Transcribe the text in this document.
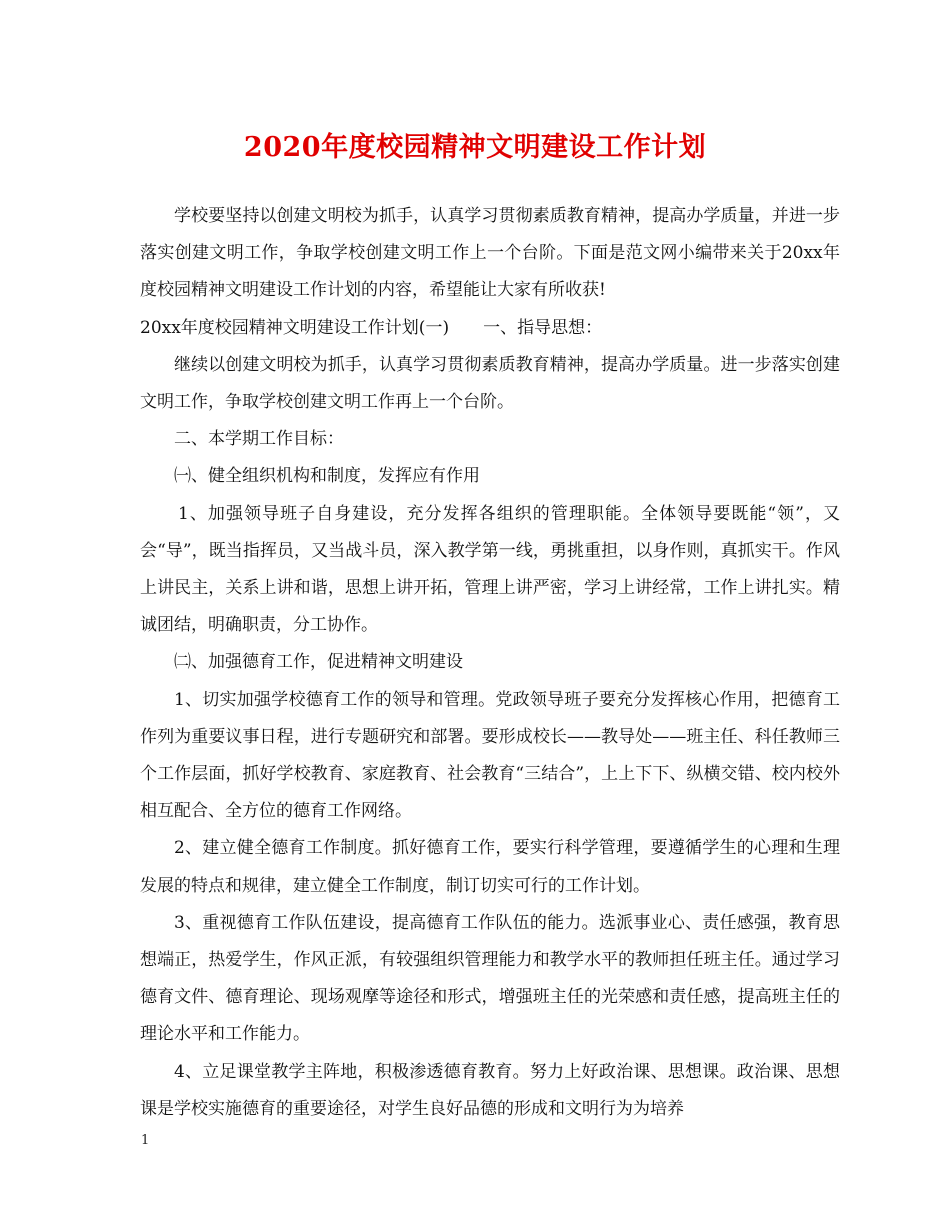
2020年度校园精神文明建设工作计划

学校要坚持以创建文明校为抓手，认真学习贯彻素质教育精神，提高办学质量，并进一步落实创建文明工作，争取学校创建文明工作上一个台阶。下面是范文网小编带来关于20xx年度校园精神文明建设工作计划的内容，希望能让大家有所收获!

20xx年度校园精神文明建设工作计划(一) 一、指导思想：

继续以创建文明校为抓手，认真学习贯彻素质教育精神，提高办学质量。进一步落实创建文明工作，争取学校创建文明工作再上一个台阶。

二、本学期工作目标：

㈠、健全组织机构和制度，发挥应有作用

1、加强领导班子自身建设，充分发挥各组织的管理职能。全体领导要既能“领”，又会“导”，既当指挥员，又当战斗员，深入教学第一线，勇挑重担，以身作则，真抓实干。作风上讲民主，关系上讲和谐，思想上讲开拓，管理上讲严密，学习上讲经常，工作上讲扎实。精诚团结，明确职责，分工协作。

㈡、加强德育工作，促进精神文明建设

1、切实加强学校德育工作的领导和管理。党政领导班子要充分发挥核心作用，把德育工作列为重要议事日程，进行专题研究和部署。要形成校长——教导处——班主任、科任教师三个工作层面，抓好学校教育、家庭教育、社会教育“三结合”，上上下下、纵横交错、校内校外相互配合、全方位的德育工作网络。

2、建立健全德育工作制度。抓好德育工作，要实行科学管理，要遵循学生的心理和生理发展的特点和规律，建立健全工作制度，制订切实可行的工作计划。

3、重视德育工作队伍建设，提高德育工作队伍的能力。选派事业心、责任感强，教育思想端正，热爱学生，作风正派，有较强组织管理能力和教学水平的教师担任班主任。通过学习德育文件、德育理论、现场观摩等途径和形式，增强班主任的光荣感和责任感，提高班主任的理论水平和工作能力。

4、立足课堂教学主阵地，积极渗透德育教育。努力上好政治课、思想课。政治课、思想课是学校实施德育的重要途径，对学生良好品德的形成和文明行为为培养

1
